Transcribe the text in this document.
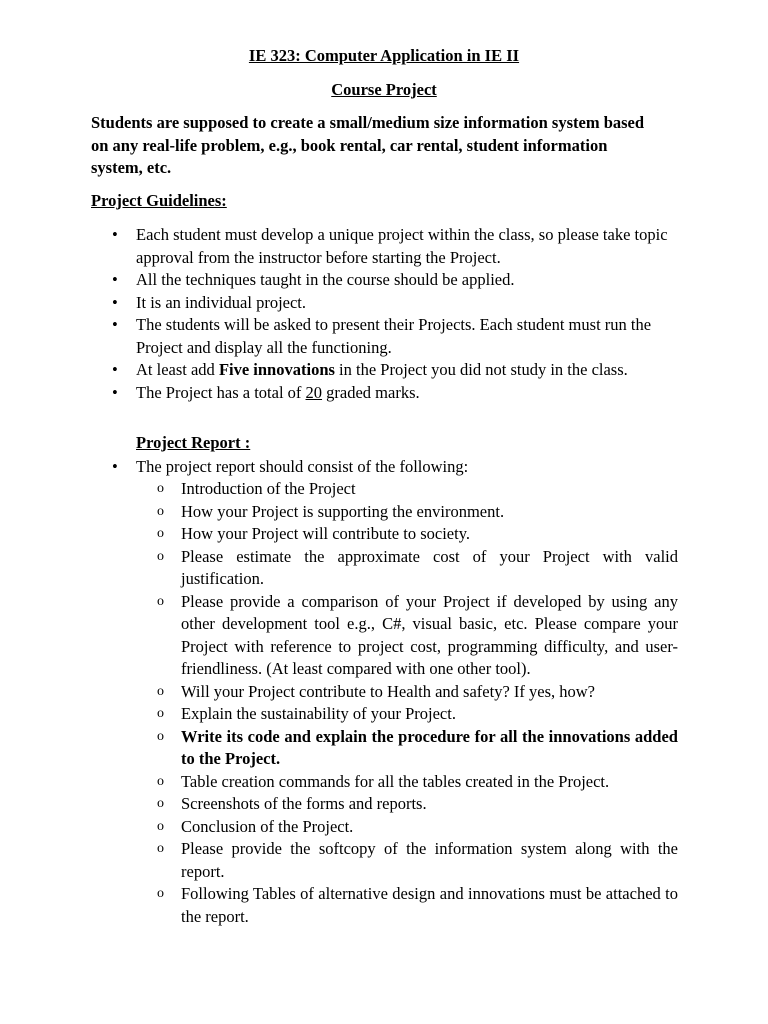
IE 323: Computer Application in IE II
Course Project
Students are supposed to create a small/medium size information system based on any real-life problem, e.g., book rental, car rental, student information system, etc.
Project Guidelines:
• Each student must develop a unique project within the class, so please take topic approval from the instructor before starting the Project.
• All the techniques taught in the course should be applied.
• It is an individual project.
• The students will be asked to present their Projects. Each student must run the Project and display all the functioning.
• At least add Five innovations in the Project you did not study in the class.
• The Project has a total of 20 graded marks.
Project Report :
• The project report should consist of the following:
o Introduction of the Project
o How your Project is supporting the environment.
o How your Project will contribute to society.
o Please estimate the approximate cost of your Project with valid justification.
o Please provide a comparison of your Project if developed by using any other development tool e.g., C#, visual basic, etc. Please compare your Project with reference to project cost, programming difficulty, and user-friendliness. (At least compared with one other tool).
o Will your Project contribute to Health and safety? If yes, how?
o Explain the sustainability of your Project.
o Write its code and explain the procedure for all the innovations added to the Project.
o Table creation commands for all the tables created in the Project.
o Screenshots of the forms and reports.
o Conclusion of the Project.
o Please provide the softcopy of the information system along with the report.
o Following Tables of alternative design and innovations must be attached to the report.
